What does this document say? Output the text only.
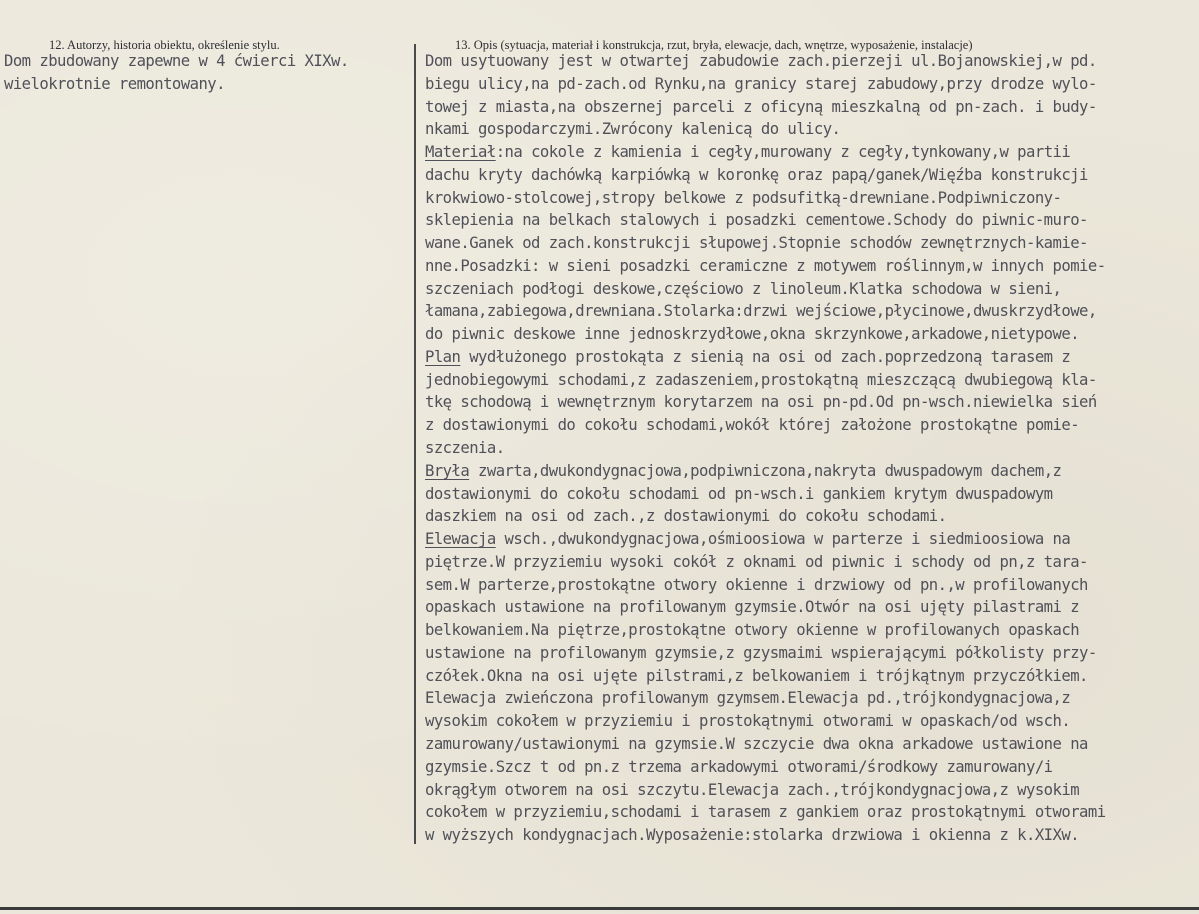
12. Autorzy, historia obiektu, określenie stylu.	13. Opis (sytuacja, materiał i konstrukcja, rzut, bryła, elewacje, dach, wnętrze, wyposażenie, instalacje)
Dom zbudowany zapewne w 4 ćwierci XIXw.
wielokrotnie remontowany.
Dom usytuowany jest w otwartej zabudowie zach.pierzeji ul.Bojanowskiej,w pd.
biegu ulicy,na pd-zach.od Rynku,na granicy starej zabudowy,przy drodze wylo-
towej z miasta,na obszernej parceli z oficyną mieszkalną od pn-zach. i budy-
nkami gospodarczymi.Zwrócony kalenicą do ulicy.
Materiał:na cokole z kamienia i cegły,murowany z cegły,tynkowany,w partii
dachu kryty dachówką karpiówką w koronkę oraz papą/ganek/Więźba konstrukcji
krokwiowo-stolcowej,stropy belkowe z podsufitką-drewniane.Podpiwniczony-
sklepienia na belkach stalowych i posadzki cementowe.Schody do piwnic-muro-
wane.Ganek od zach.konstrukcji słupowej.Stopnie schodów zewnętrznych-kamie-
nne.Posadzki: w sieni posadzki ceramiczne z motywem roślinnym,w innych pomie-
szczeniach podłogi deskowe,częściowo z linoleum.Klatka schodowa w sieni,
łamana,zabiegowa,drewniana.Stolarka:drzwi wejściowe,płycinowe,dwuskrzydłowe,
do piwnic deskowe inne jednoskrzydłowe,okna skrzynkowe,arkadowe,nietypowe.
Plan wydłużonego prostokąta z sienią na osi od zach.poprzedzoną tarasem z
jednobiegowymi schodami,z zadaszeniem,prostokątną mieszczącą dwubiegową kla-
tkę schodową i wewnętrznym korytarzem na osi pn-pd.Od pn-wsch.niewielka sień
z dostawionymi do cokołu schodami,wokół której założone prostokątne pomie-
szczenia.
Bryła zwarta,dwukondygnacjowa,podpiwniczona,nakryta dwuspadowym dachem,z
dostawionymi do cokołu schodami od pn-wsch.i gankiem krytym dwuspadowym
daszkiem na osi od zach.,z dostawionymi do cokołu schodami.
Elewacja wsch.,dwukondygnacjowa,ośmioosiowa w parterze i siedmioosiowa na
piętrze.W przyziemiu wysoki cokół z oknami od piwnic i schody od pn,z tara-
sem.W parterze,prostokątne otwory okienne i drzwiowy od pn.,w profilowanych
opaskach ustawione na profilowanym gzymsie.Otwór na osi ujęty pilastrami z
belkowaniem.Na piętrze,prostokątne otwory okienne w profilowanych opaskach
ustawione na profilowanym gzymsie,z gzysmaimi wspierającymi półkolisty przy-
czółek.Okna na osi ujęte pilstrami,z belkowaniem i trójkątnym przyczółkiem.
Elewacja zwieńczona profilowanym gzymsem.Elewacja pd.,trójkondygnacjowa,z
wysokim cokołem w przyziemiu i prostokątnymi otworami w opaskach/od wsch.
zamurowany/ustawionymi na gzymsie.W szczycie dwa okna arkadowe ustawione na
gzymsie.Szcz t od pn.z trzema arkadowymi otworami/środkowy zamurowany/i
okrągłym otworem na osi szczytu.Elewacja zach.,trójkondygnacjowa,z wysokim
cokołem w przyziemiu,schodami i tarasem z gankiem oraz prostokątnymi otworami
w wyższych kondygnacjach.Wyposażenie:stolarka drzwiowa i okienna z k.XIXw.
